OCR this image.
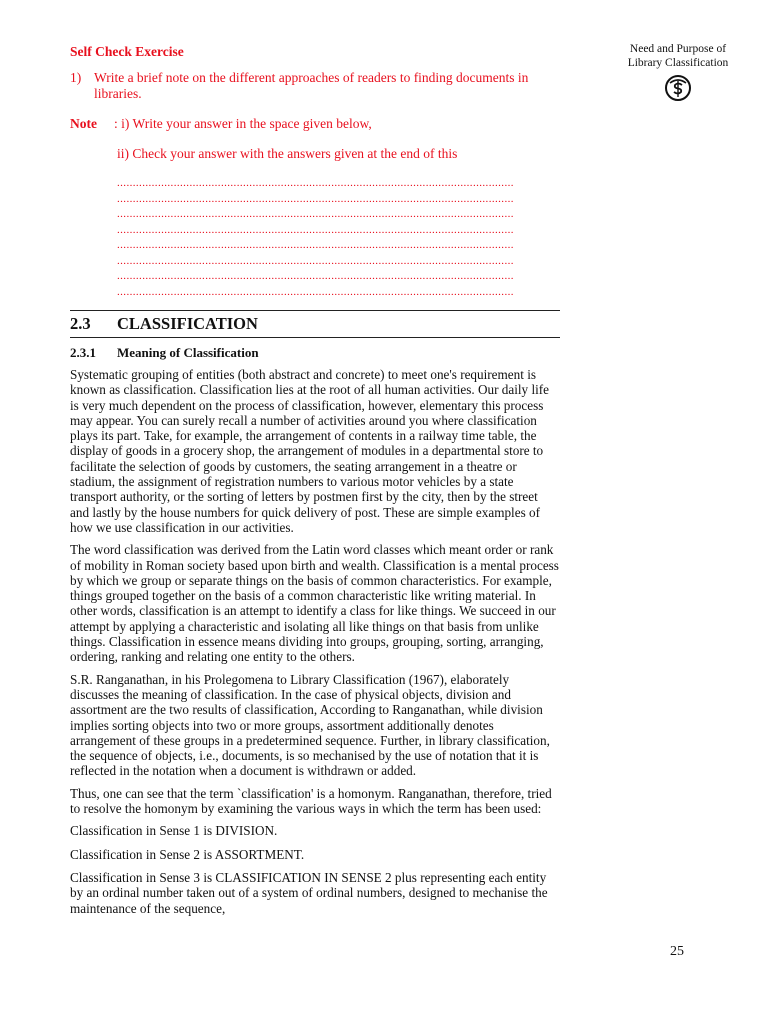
Need and Purpose of
Library Classification
Self Check Exercise
1) Write a brief note on the different approaches of readers to finding documents in libraries.
Note	: i) Write your answer in the space given below,
ii) Check your answer with the answers given at the end of this
..............................................................................................................................
..............................................................................................................................
..............................................................................................................................
..............................................................................................................................
..............................................................................................................................
..............................................................................................................................
..............................................................................................................................
..............................................................................................................................
2.3	CLASSIFICATION
2.3.1	Meaning of Classification

Systematic grouping of entities (both abstract and concrete) to meet one's requirement is known as classification. Classification lies at the root of all human activities. Our daily life is very much dependent on the process of classification, however, elementary this process may appear. You can surely recall a number of activities around you where classification plays its part. Take, for example, the arrangement of contents in a railway time table, the display of goods in a grocery shop, the arrangement of modules in a departmental store to facilitate the selection of goods by customers, the seating arrangement in a theatre or stadium, the assignment of registration numbers to various motor vehicles by a state transport authority, or the sorting of letters by postmen first by the city, then by the street and lastly by the house numbers for quick delivery of post. These are simple examples of how we use classification in our activities.

The word classification was derived from the Latin word classes which meant order or rank of mobility in Roman society based upon birth and wealth. Classification is a mental process by which we group or separate things on the basis of common characteristics. For example, things grouped together on the basis of a common characteristic like writing material. In other words, classification is an attempt to identify a class for like things. We succeed in our attempt by applying a characteristic and isolating all like things on that basis from unlike things. Classification in essence means dividing into groups, grouping, sorting, arranging, ordering, ranking and relating one entity to the others.

S.R. Ranganathan, in his Prolegomena to Library Classification (1967), elaborately discusses the meaning of classification. In the case of physical objects, division and assortment are the two results of classification, According to Ranganathan, while division implies sorting objects into two or more groups, assortment additionally denotes arrangement of these groups in a predetermined sequence. Further, in library classification, the sequence of objects, i.e., documents, is so mechanised by the use of notation that it is reflected in the notation when a document is withdrawn or added.

Thus, one can see that the term `classification' is a homonym. Ranganathan, therefore, tried to resolve the homonym by examining the various ways in which the term has been used:

Classification in Sense 1 is DIVISION.

Classification in Sense 2 is ASSORTMENT.

Classification in Sense 3 is CLASSIFICATION IN SENSE 2 plus representing each entity by an ordinal number taken out of a system of ordinal numbers, designed to mechanise the maintenance of the sequence,

25
